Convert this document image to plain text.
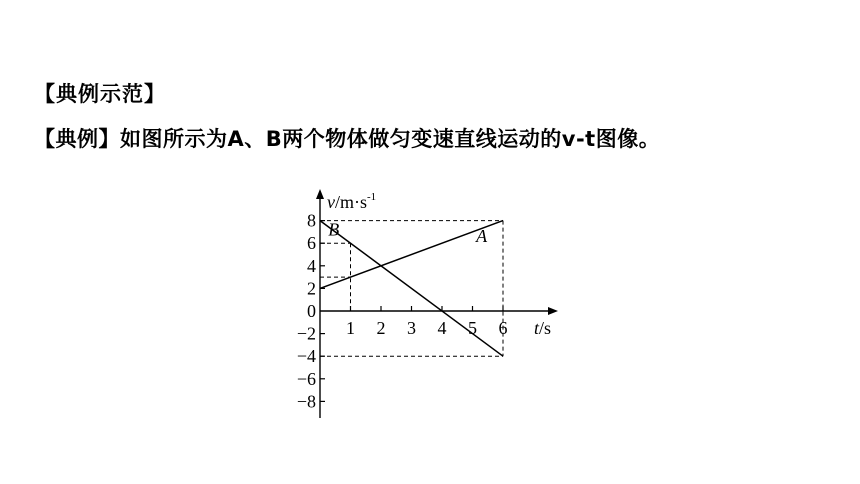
【典例示范】
【典例】如图所示为A、B两个物体做匀变速直线运动的v-t图像。
8
6
4
2
0
−2
−4
−6
−8
1 2 3 4 5 6
$v/m\cdot s^{-1}$
t/s
A
B
